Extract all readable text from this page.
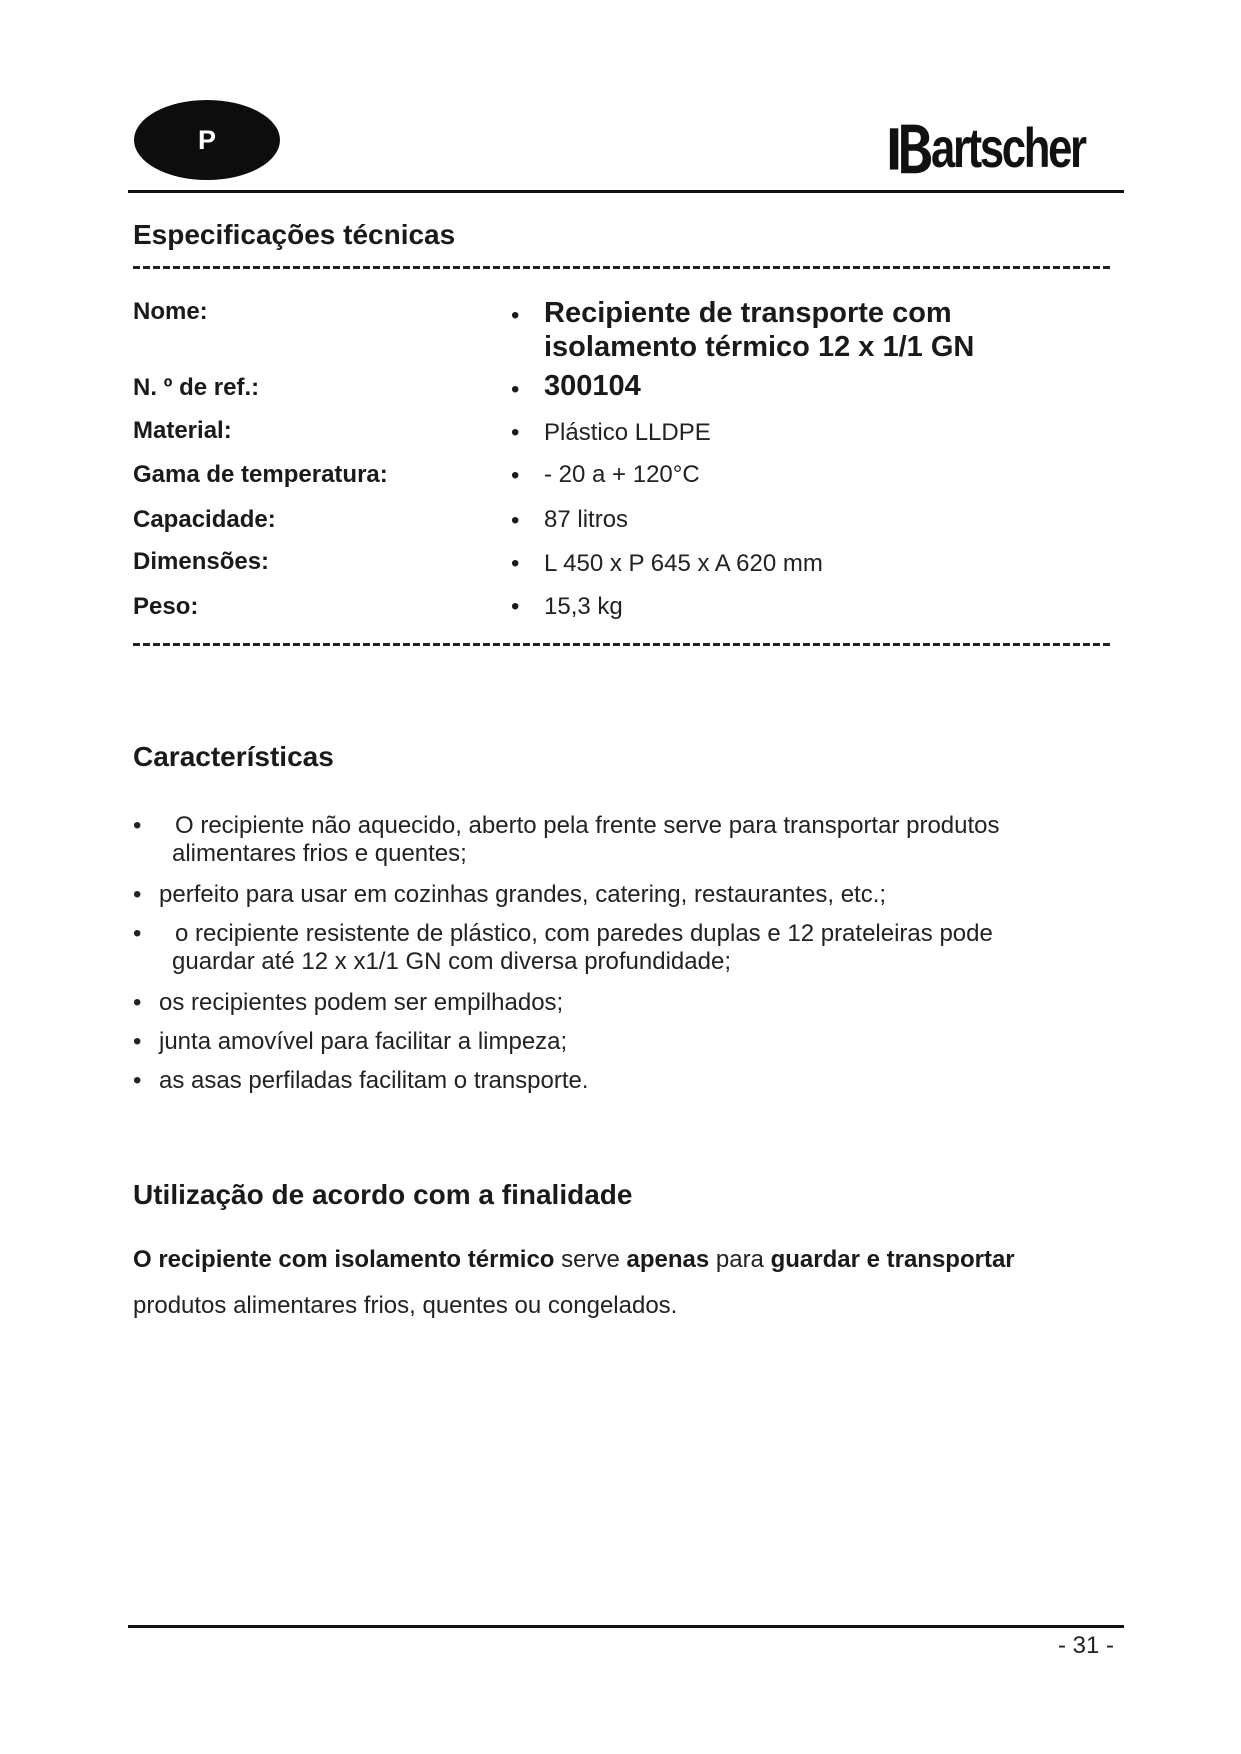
P	artscher
Especificações técnicas
Nome:	• Recipiente de transporte com
isolamento térmico 12 x 1/1 GN
N. º de ref.:	• 300104
Material:	• Plástico LLDPE
Gama de temperatura:	• - 20 a + 120°C
Capacidade:	• 87 litros
Dimensões:	• L 450 x P 645 x A 620 mm
Peso:	• 15,3 kg
Características
• O recipiente não aquecido, aberto pela frente serve para transportar produtos
alimentares frios e quentes;
• perfeito para usar em cozinhas grandes, catering, restaurantes, etc.;
• o recipiente resistente de plástico, com paredes duplas e 12 prateleiras pode
guardar até 12 x x1/1 GN com diversa profundidade;
• os recipientes podem ser empilhados;
• junta amovível para facilitar a limpeza;
• as asas perfiladas facilitam o transporte.
Utilização de acordo com a finalidade
O recipiente com isolamento térmico serve apenas para guardar e transportar
produtos alimentares frios, quentes ou congelados.
- 31 -
